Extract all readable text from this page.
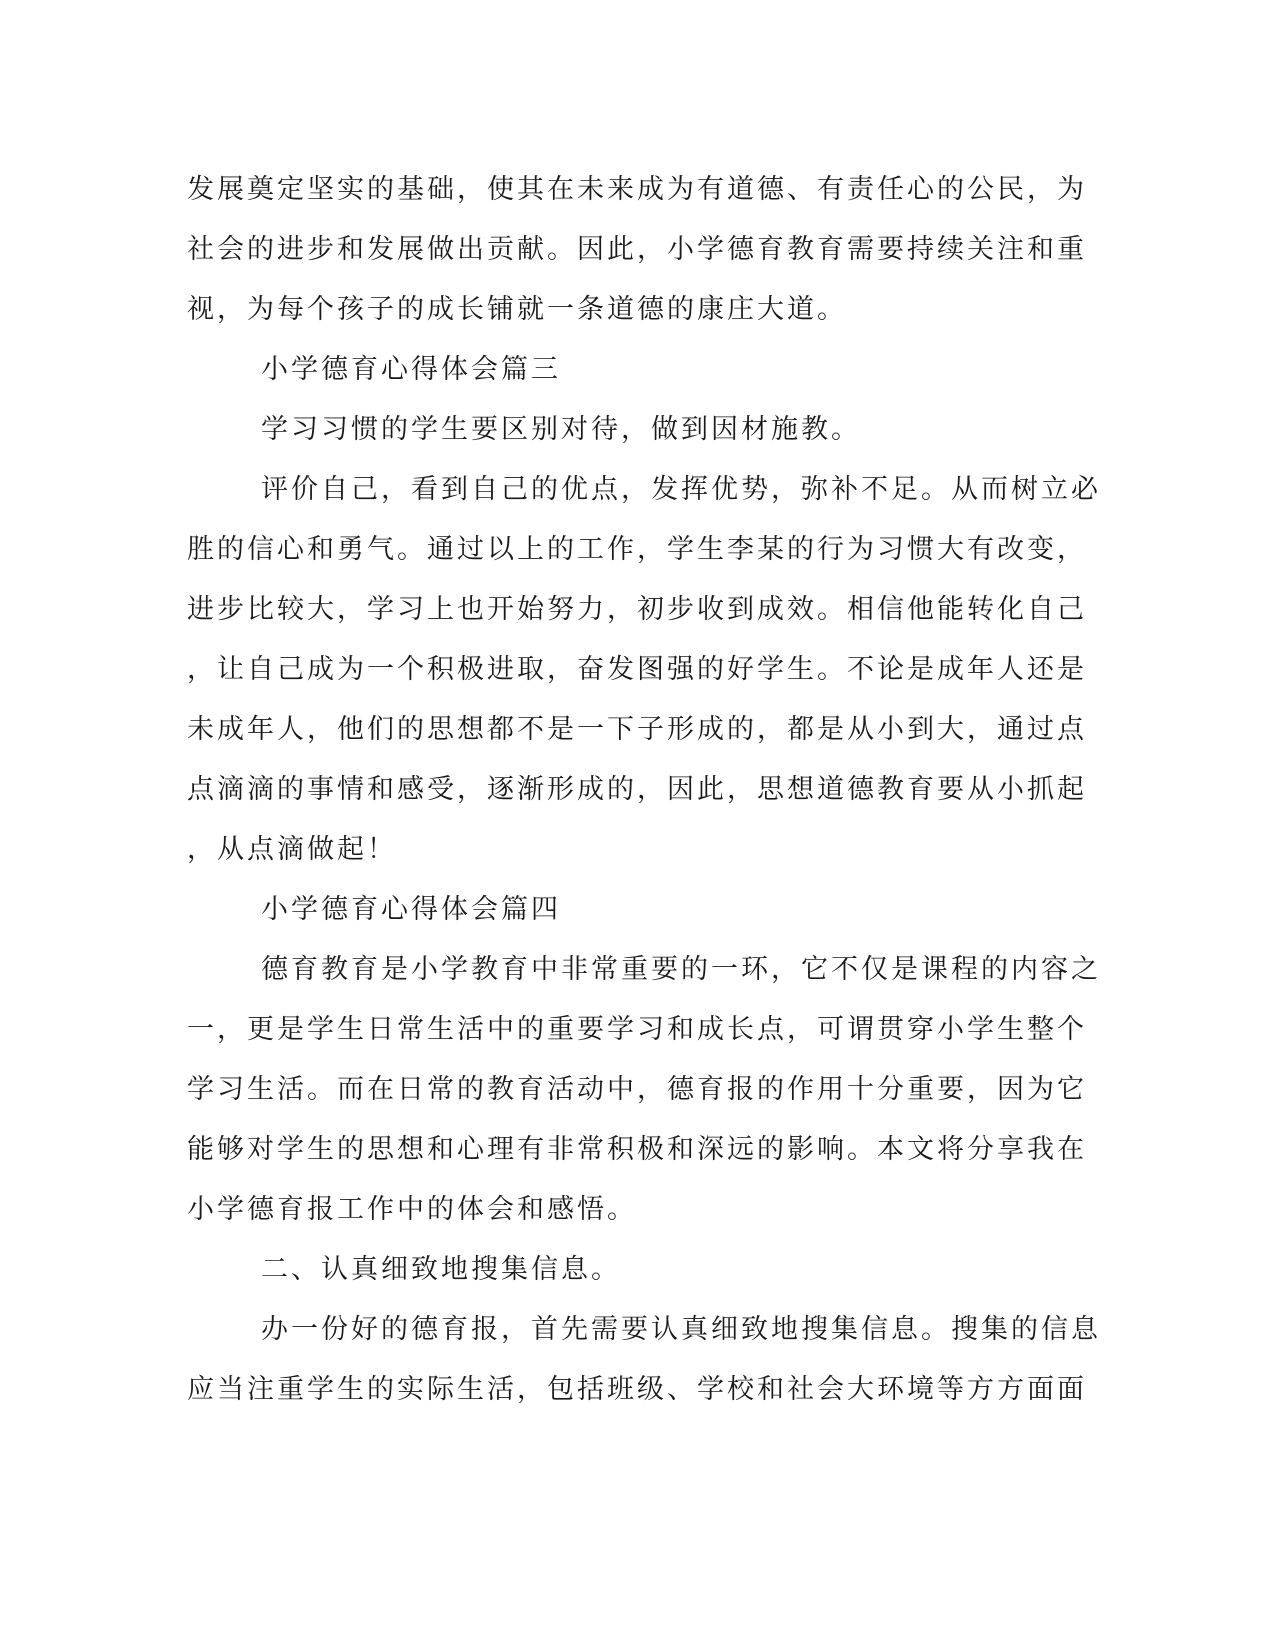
发展奠定坚实的基础，使其在未来成为有道德、有责任心的公民，为
社会的进步和发展做出贡献。因此，小学德育教育需要持续关注和重
视，为每个孩子的成长铺就一条道德的康庄大道。
小学德育心得体会篇三
学习习惯的学生要区别对待，做到因材施教。
评价自己，看到自己的优点，发挥优势，弥补不足。从而树立必
胜的信心和勇气。通过以上的工作，学生李某的行为习惯大有改变，
进步比较大，学习上也开始努力，初步收到成效。相信他能转化自己
，让自己成为一个积极进取，奋发图强的好学生。不论是成年人还是
未成年人，他们的思想都不是一下子形成的，都是从小到大，通过点
点滴滴的事情和感受，逐渐形成的，因此，思想道德教育要从小抓起
，从点滴做起！
小学德育心得体会篇四
德育教育是小学教育中非常重要的一环，它不仅是课程的内容之
一，更是学生日常生活中的重要学习和成长点，可谓贯穿小学生整个
学习生活。而在日常的教育活动中，德育报的作用十分重要，因为它
能够对学生的思想和心理有非常积极和深远的影响。本文将分享我在
小学德育报工作中的体会和感悟。
二、认真细致地搜集信息。
办一份好的德育报，首先需要认真细致地搜集信息。搜集的信息
应当注重学生的实际生活，包括班级、学校和社会大环境等方方面面
